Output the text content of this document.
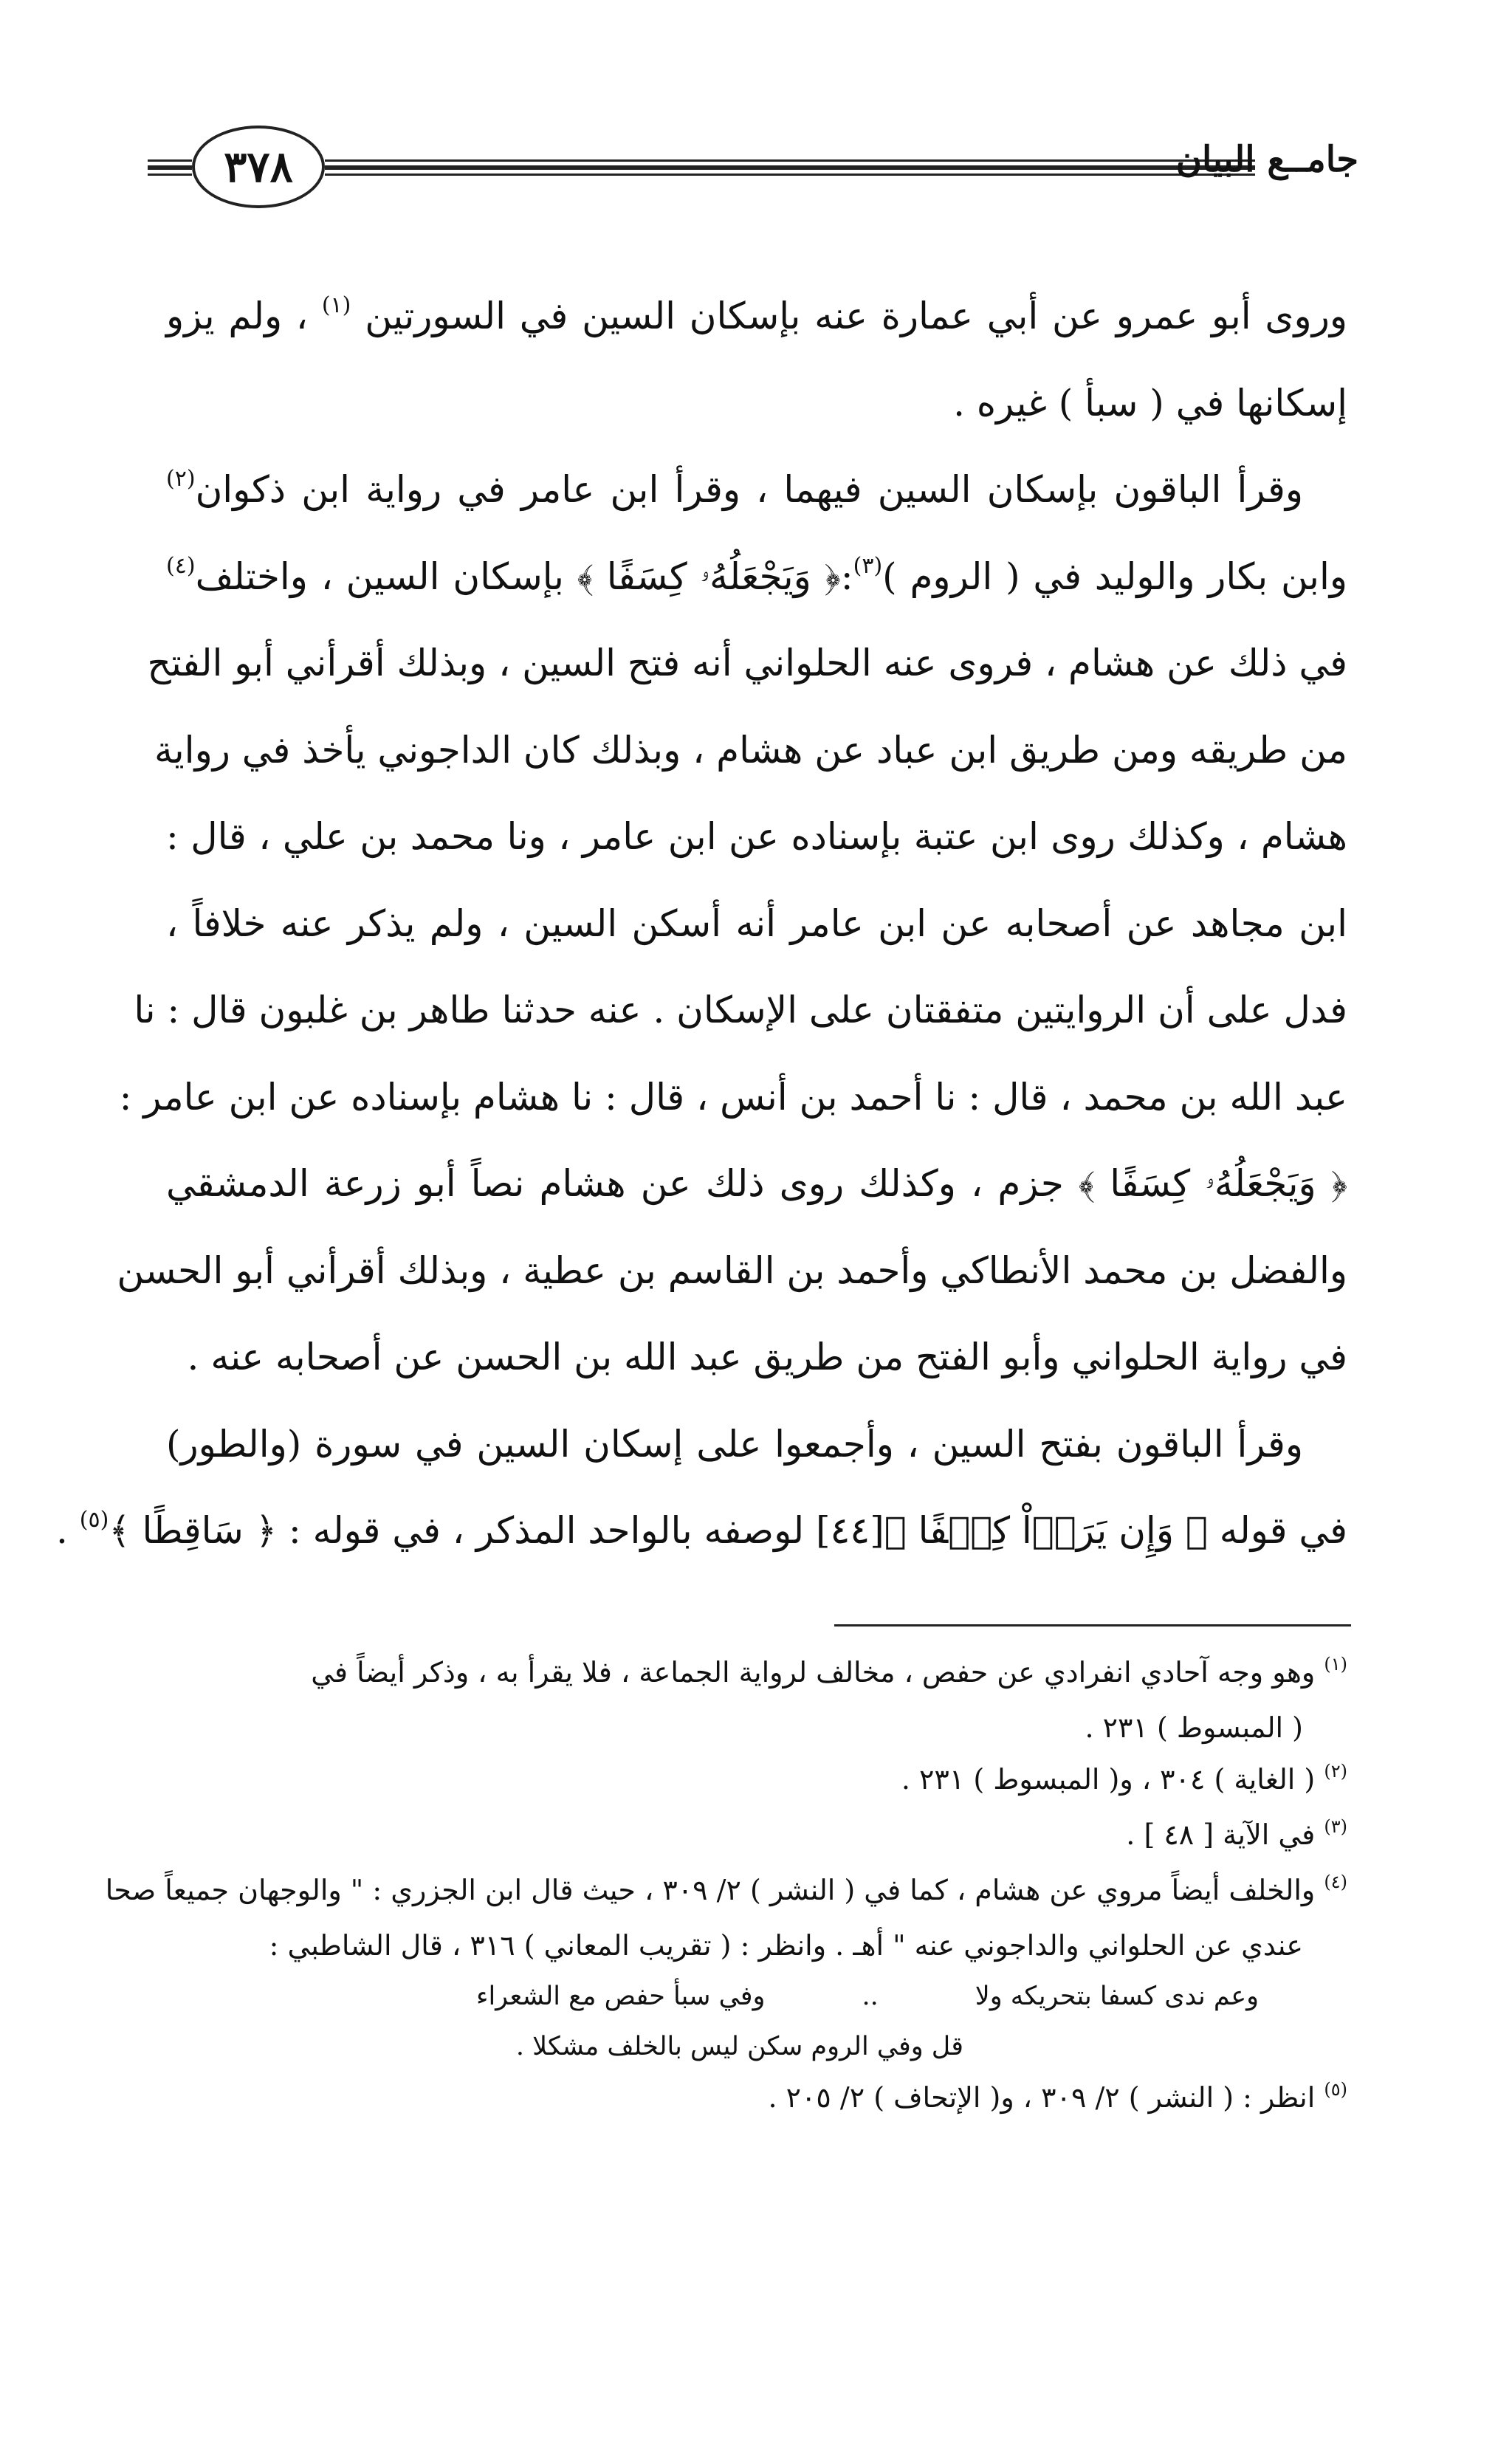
٣٧٨	جامــع البيان
وروى أبو عمرو عن أبي عمارة عنه بإسكان السين في السورتين $^{(١)}$ ، ولم يزو
إسكانها في ( سبأ ) غيره .
وقرأ الباقون بإسكان السين فيهما ، وقرأ ابن عامر في رواية ابن ذكوان$^{(٢)}$
وابن بكار والوليد في ( الروم )$^{(٣)}$:﴿ وَيَجْعَلُهُۥ كِسَفًا ﴾ بإسكان السين ، واختلف$^{(٤)}$
في ذلك عن هشام ، فروى عنه الحلواني أنه فتح السين ، وبذلك أقرأني أبو الفتح
من طريقه ومن طريق ابن عباد عن هشام ، وبذلك كان الداجوني يأخذ في رواية
هشام ، وكذلك روى ابن عتبة بإسناده عن ابن عامر ، ونا محمد بن علي ، قال :
ابن مجاهد عن أصحابه عن ابن عامر أنه أسكن السين ، ولم يذكر عنه خلافاً ،
فدل على أن الروايتين متفقتان على الإسكان . عنه حدثنا طاهر بن غلبون قال : نا
عبد الله بن محمد ، قال : نا أحمد بن أنس ، قال : نا هشام بإسناده عن ابن عامر :
﴿ وَيَجْعَلُهُۥ كِسَفًا ﴾ جزم ، وكذلك روى ذلك عن هشام نصاً أبو زرعة الدمشقي
والفضل بن محمد الأنطاكي وأحمد بن القاسم بن عطية ، وبذلك أقرأني أبو الحسن
في رواية الحلواني وأبو الفتح من طريق عبد الله بن الحسن عن أصحابه عنه .
وقرأ الباقون بفتح السين ، وأجمعوا على إسكان السين في سورة (والطور)
في قوله ﴿ وَإِن يَرَوۡاْ كِسۡفًا ﴾[٤٤] لوصفه بالواحد المذكر ، في قوله : ﴿ سَاقِطًا ﴾$^{(٥)}$ .
$^{(١)}$ وهو وجه آحادي انفرادي عن حفص ، مخالف لرواية الجماعة ، فلا يقرأ به ، وذكر أيضاً في
( المبسوط ) ٢٣١ .
$^{(٢)}$ ( الغاية ) ٣٠٤ ، و( المبسوط ) ٢٣١ .
$^{(٣)}$ في الآية [ ٤٨ ] .
$^{(٤)}$ والخلف أيضاً مروي عن هشام ، كما في ( النشر ) ٢/ ٣٠٩ ، حيث قال ابن الجزري : " والوجهان جميعاً صحا
عندي عن الحلواني والداجوني عنه " أهـ . وانظر : ( تقريب المعاني ) ٣١٦ ، قال الشاطبي :
وعم ندى كسفا بتحريكه ولا
..
وفي سبأ حفص مع الشعراء
قل وفي الروم سكن ليس بالخلف مشكلا .
$^{(٥)}$ انظر : ( النشر ) ٢/ ٣٠٩ ، و( الإتحاف ) ٢/ ٢٠٥ .
